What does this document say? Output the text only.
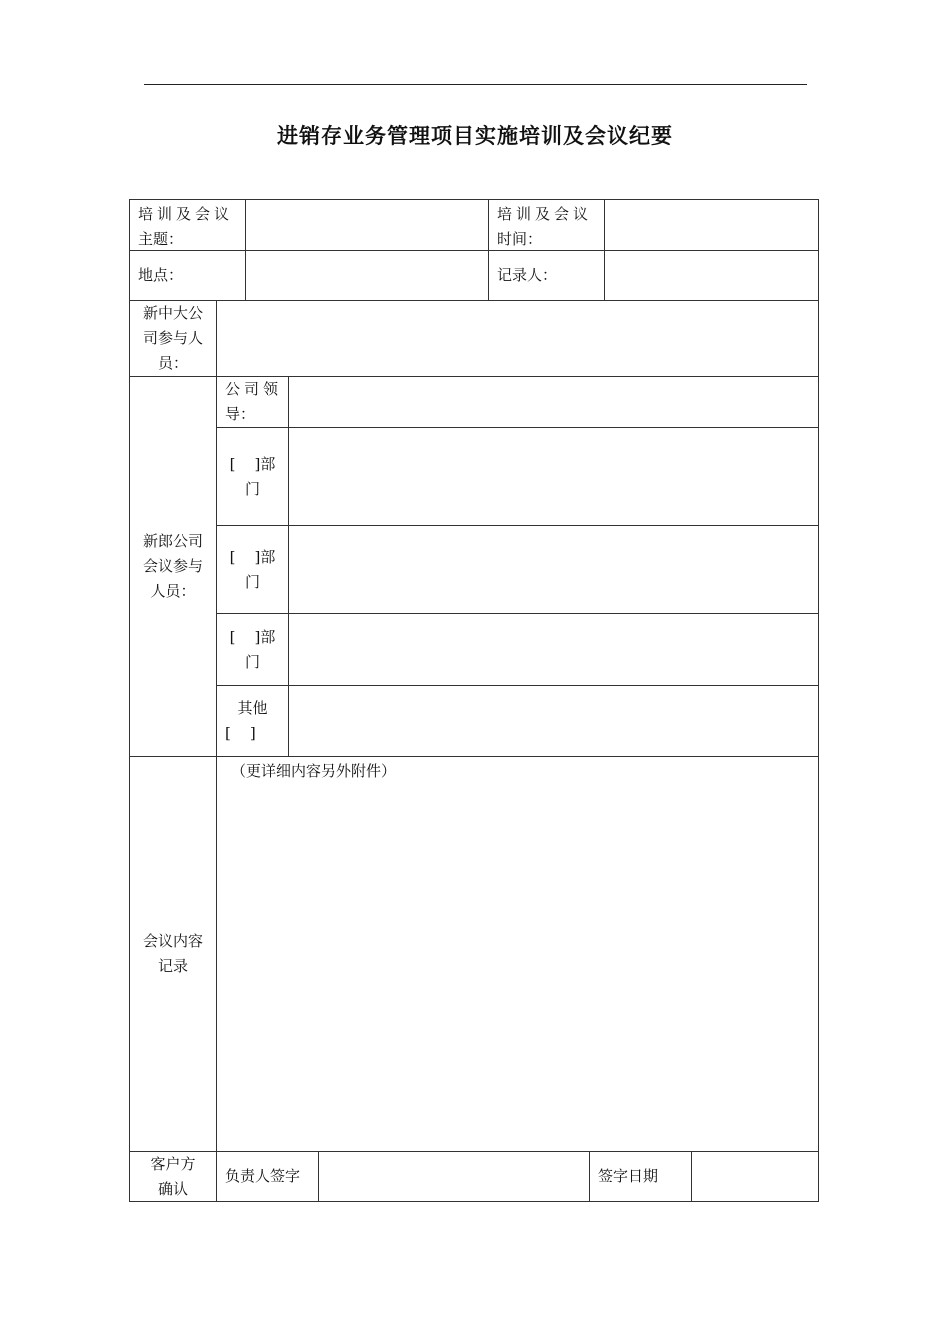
进销存业务管理项目实施培训及会议纪要
培训及会议
主题：
培训及会议
时间：
地点：	记录人：
新中大公
司参与人
员：
新郎公司
会议参与
人员：
公司领
导：
[    ]部
门
[    ]部
门
[    ]部
门
其他
[    ]
会议内容
记录
（更详细内容另外附件）
客户方
确认
负责人签字	签字日期
